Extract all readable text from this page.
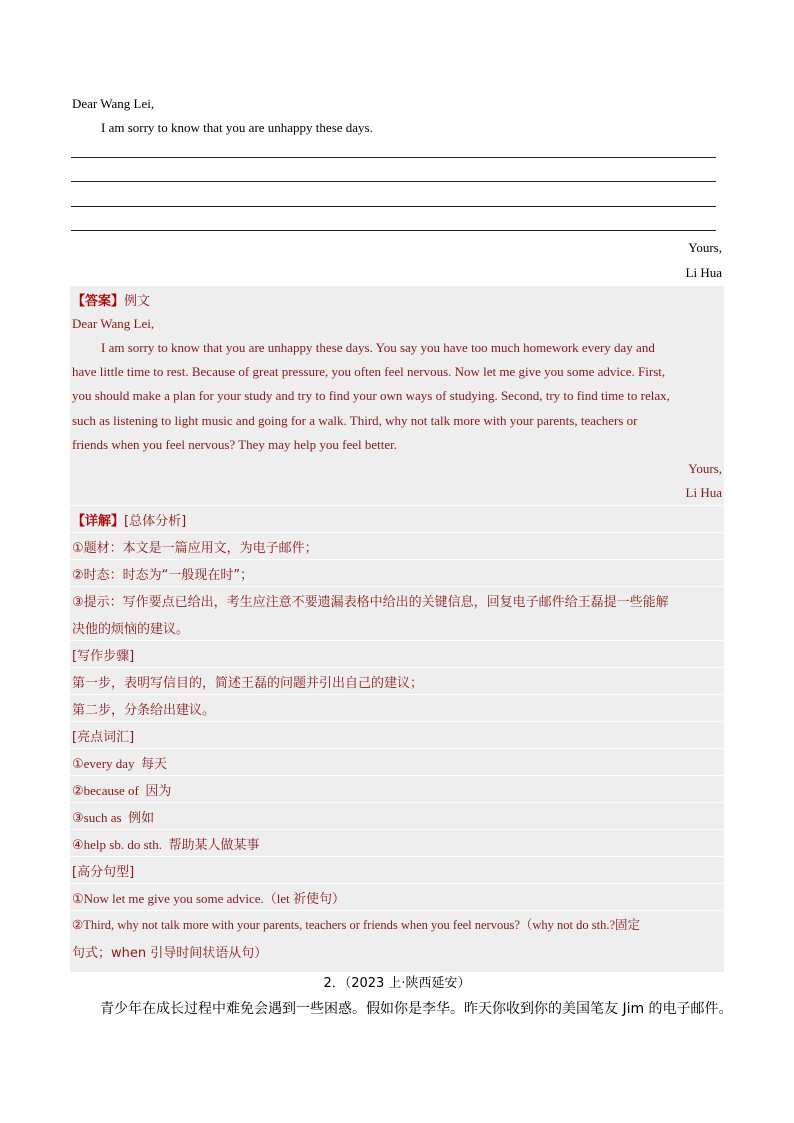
Dear Wang Lei,
I am sorry to know that you are unhappy these days.
Yours,
Li Hua
【答案】例文
Dear Wang Lei,
I am sorry to know that you are unhappy these days. You say you have too much homework every day and
have little time to rest. Because of great pressure, you often feel nervous. Now let me give you some advice. First,
you should make a plan for your study and try to find your own ways of studying. Second, try to find time to relax,
such as listening to light music and going for a walk. Third, why not talk more with your parents, teachers or
friends when you feel nervous? They may help you feel better.
Yours,
Li Hua
【详解】[总体分析]
①题材：本文是一篇应用文，为电子邮件；
②时态：时态为“一般现在时”；
③提示：写作要点已给出，考生应注意不要遗漏表格中给出的关键信息，回复电子邮件给王磊提一些能解
决他的烦恼的建议。
[写作步骤]
第一步，表明写信目的，简述王磊的问题并引出自己的建议；
第二步，分条给出建议。
[亮点词汇]
①every day 每天
②because of 因为
③such as 例如
④help sb. do sth. 帮助某人做某事
[高分句型]
①Now let me give you some advice.（let 祈使句）
②Third, why not talk more with your parents, teachers or friends when you feel nervous?（why not do sth.?固定
句式；when 引导时间状语从句）
2．（2023 上·陕西延安）
青少年在成长过程中难免会遇到一些困惑。假如你是李华。昨天你收到你的美国笔友 Jim 的电子邮件。
